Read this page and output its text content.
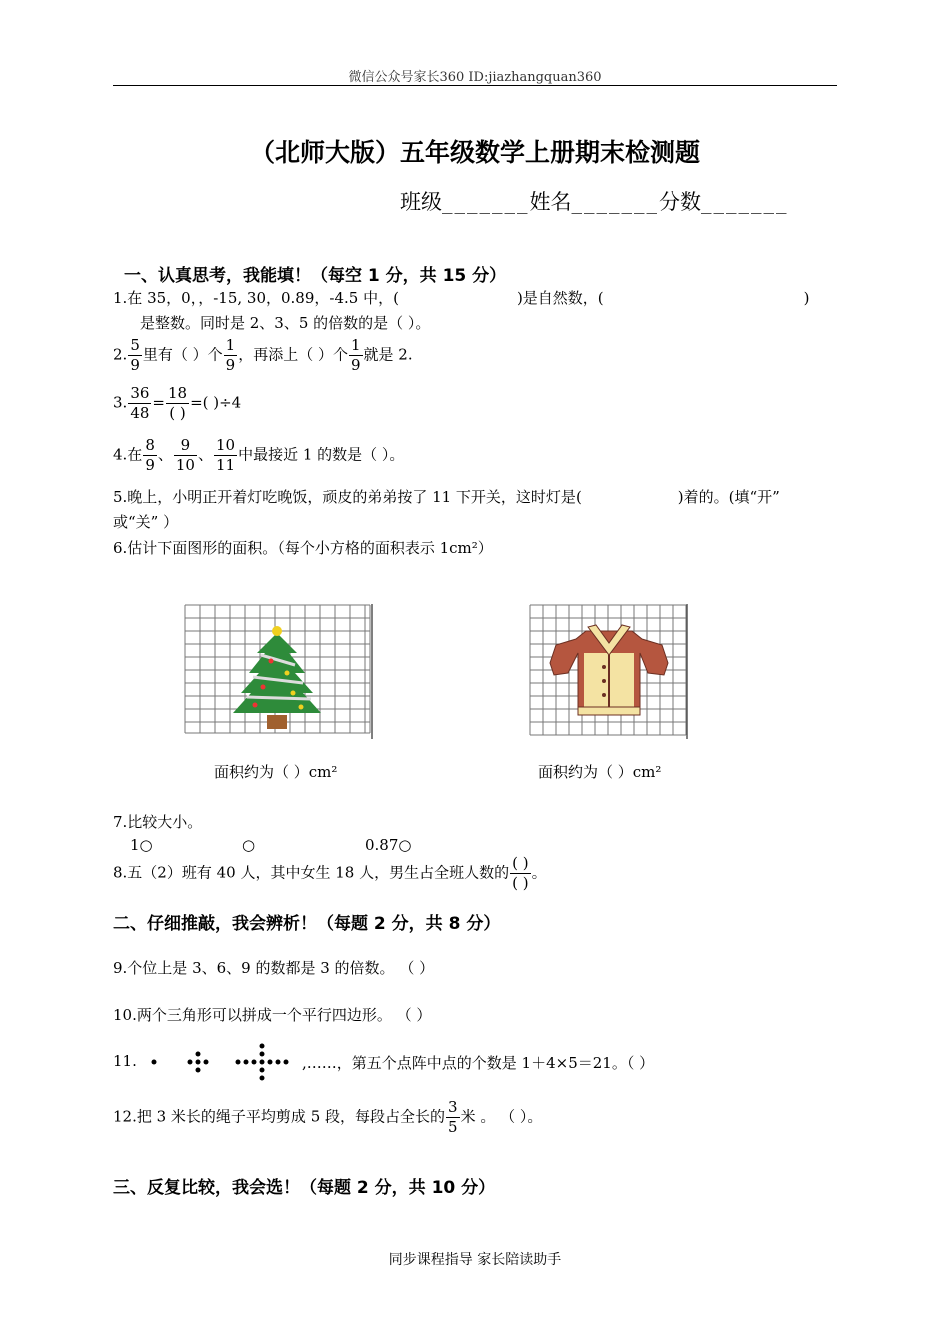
微信公众号家长360 ID:jiazhangquan360
（北师大版）五年级数学上册期末检测题
班级_______姓名_______分数_______
一、认真思考，我能填！（每空 1 分，共 15 分）
1.在 35，0，，-15, 30，0.89，-4.5 中，(	)是自然数，(	)
是整数。同时是 2、3、5 的倍数的是（ ）。
2. $\frac{5}{9}$ 里有（ ）个 $\frac{1}{9}$ ，再添上（ ）个 $\frac{1}{9}$ 就是 2.
3. $\frac{36}{48} = \frac{18}{( )}$ =( )÷4
4.在 $\frac{8}{9}$ 、 $\frac{9}{10}$ 、 $\frac{10}{11}$ 中最接近 1 的数是（ ）。
5.晚上，小明正开着灯吃晚饭，顽皮的弟弟按了 11 下开关，这时灯是(	)着的。(填“开”
或“关” ）
6.估计下面图形的面积。（每个小方格的面积表示 1cm²）
面积约为（ ）cm²	面积约为（ ）cm²
7.比较大小。
1○	○	0.87○
8.五（2）班有 40 人，其中女生 18 人，男生占全班人数的 $\frac{( )}{( )}$ 。
二、仔细推敲，我会辨析！（每题 2 分，共 8 分）
9.个位上是 3、6、9 的数都是 3 的倍数。 （ ）
10.两个三角形可以拼成一个平行四边形。 （ ）
11.	,……，第五个点阵中点的个数是 1＋4×5＝21。（ ）
12.把 3 米长的绳子平均剪成 5 段，每段占全长的 $\frac{3}{5}$ 米 。 （ ）。
三、反复比较，我会选！（每题 2 分，共 10 分）
同步课程指导 家长陪读助手
